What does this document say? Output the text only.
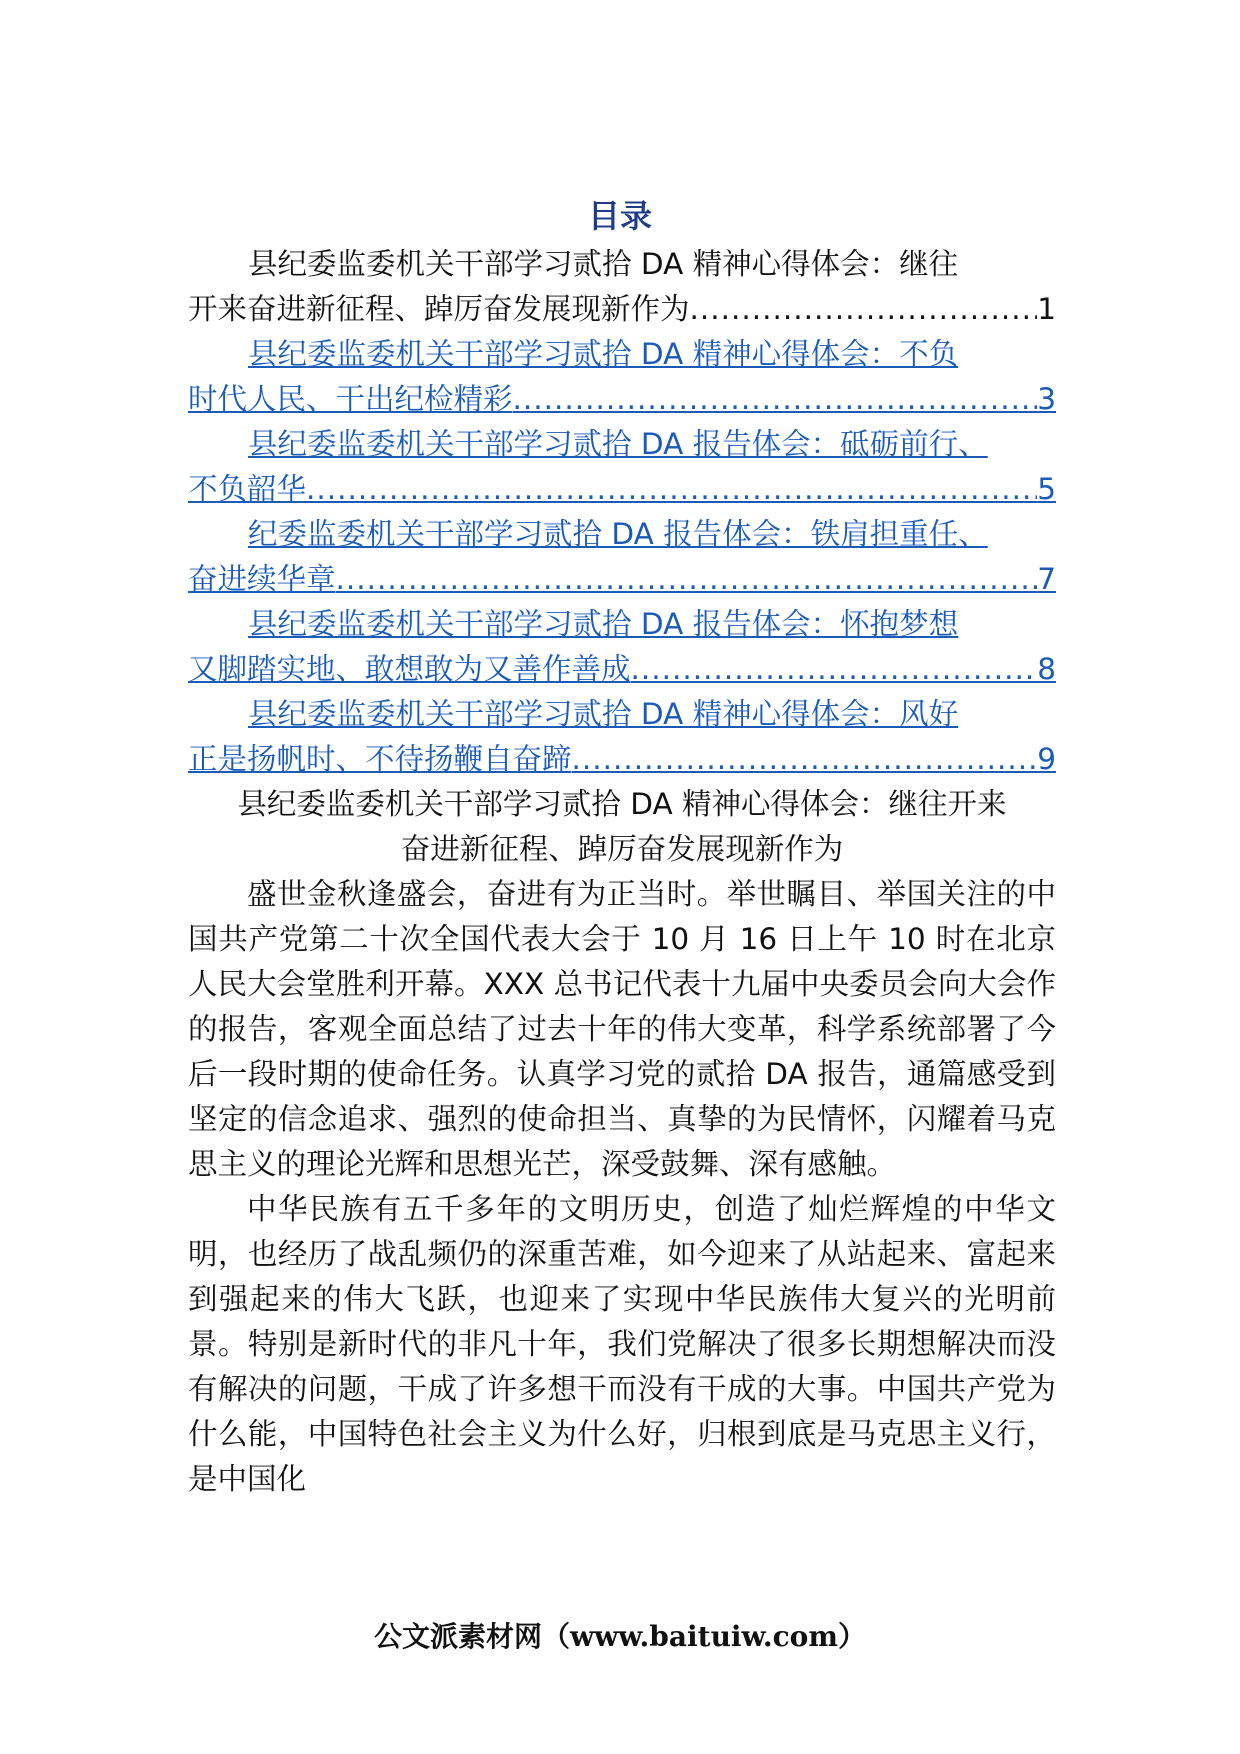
目录
县纪委监委机关干部学习贰拾 DA 精神心得体会：继往
开来奋进新征程、踔厉奋发展现新作为 .....	1
县纪委监委机关干部学习贰拾 DA 精神心得体会：不负
时代人民、干出纪检精彩 .....	3
县纪委监委机关干部学习贰拾 DA 报告体会：砥砺前行、
不负韶华 .....	5
纪委监委机关干部学习贰拾 DA 报告体会：铁肩担重任、
奋进续华章 .....	7
县纪委监委机关干部学习贰拾 DA 报告体会：怀抱梦想
又脚踏实地、敢想敢为又善作善成 .....	8
县纪委监委机关干部学习贰拾 DA 精神心得体会：风好
正是扬帆时、不待扬鞭自奋蹄 .....	9
县纪委监委机关干部学习贰拾 DA 精神心得体会：继往开来
奋进新征程、踔厉奋发展现新作为

盛世金秋逢盛会，奋进有为正当时。举世瞩目、举国关注的中国共产党第二十次全国代表大会于 10 月 16 日上午 10 时在北京人民大会堂胜利开幕。XXX 总书记代表十九届中央委员会向大会作的报告，客观全面总结了过去十年的伟大变革，科学系统部署了今后一段时期的使命任务。认真学习党的贰拾 DA 报告，通篇感受到坚定的信念追求、强烈的使命担当、真挚的为民情怀，闪耀着马克思主义的理论光辉和思想光芒，深受鼓舞、深有感触。

中华民族有五千多年的文明历史，创造了灿烂辉煌的中华文明，也经历了战乱频仍的深重苦难，如今迎来了从站起来、富起来到强起来的伟大飞跃，也迎来了实现中华民族伟大复兴的光明前景。特别是新时代的非凡十年，我们党解决了很多长期想解决而没有解决的问题，干成了许多想干而没有干成的大事。中国共产党为什么能，中国特色社会主义为什么好，归根到底是马克思主义行，是中国化

公文派素材网（www.baituiw.com）
